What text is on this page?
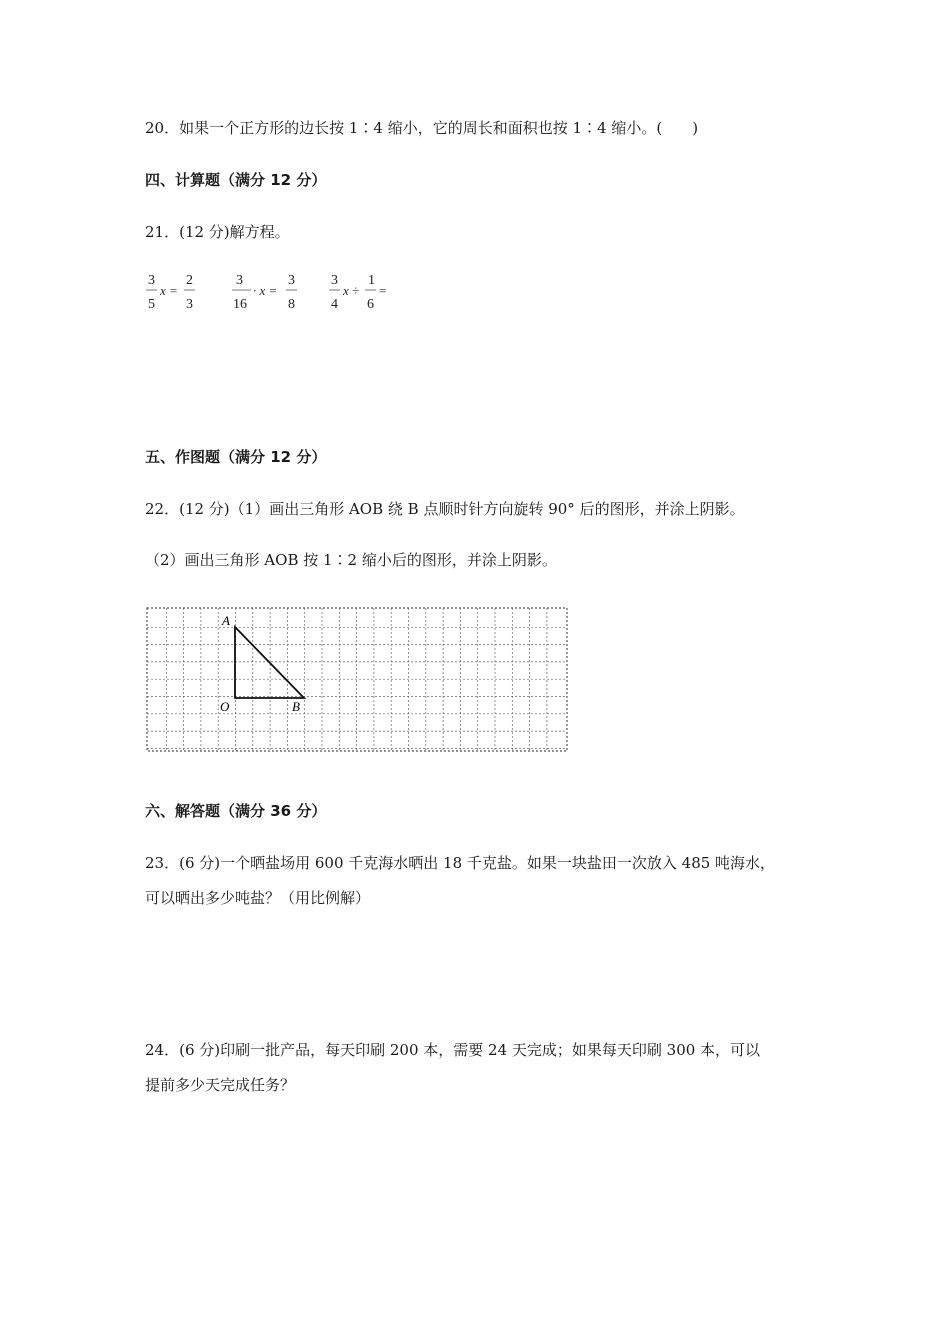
20．如果一个正方形的边长按 1∶4 缩小，它的周长和面积也按 1∶4 缩小。(　　)
四、计算题（满分 12 分）
21．(12 分)解方程。
3
5
x =
2
3
3
16
· x =
3
8
3
4
x ÷
1
6
=
五、作图题（满分 12 分）
22．(12 分)（1）画出三角形 AOB 绕 B 点顺时针方向旋转 90° 后的图形，并涂上阴影。
（2）画出三角形 AOB 按 1∶2 缩小后的图形，并涂上阴影。
A
O	B
六、解答题（满分 36 分）
23．(6 分)一个晒盐场用 600 千克海水晒出 18 千克盐。如果一块盐田一次放入 485 吨海水，
可以晒出多少吨盐？（用比例解）
24．(6 分)印刷一批产品，每天印刷 200 本，需要 24 天完成；如果每天印刷 300 本，可以
提前多少天完成任务？
